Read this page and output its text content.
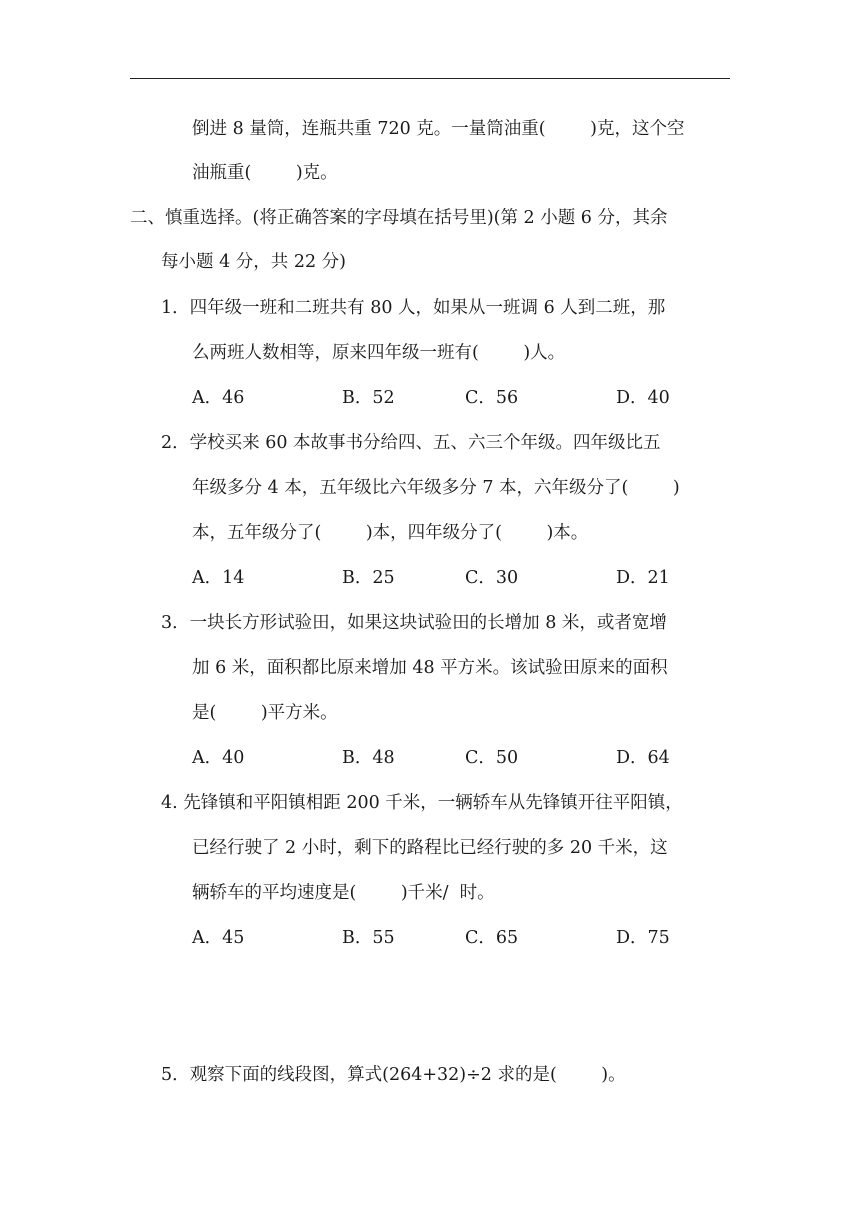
倒进 8 量筒，连瓶共重 720 克。一量筒油重(        )克，这个空
油瓶重(        )克。
二、慎重选择。(将正确答案的字母填在括号里)(第 2 小题 6 分，其余
每小题 4 分，共 22 分)
1．四年级一班和二班共有 80 人，如果从一班调 6 人到二班，那
么两班人数相等，原来四年级一班有(        )人。
A．46	B．52	C．56	D．40
2．学校买来 60 本故事书分给四、五、六三个年级。四年级比五
年级多分 4 本，五年级比六年级多分 7 本，六年级分了(        )
本，五年级分了(        )本，四年级分了(        )本。
A．14	B．25	C．30	D．21
3．一块长方形试验田，如果这块试验田的长增加 8 米，或者宽增
加 6 米，面积都比原来增加 48 平方米。该试验田原来的面积
是(        )平方米。
A．40	B．48	C．50	D．64
4. 先锋镇和平阳镇相距 200 千米，一辆轿车从先锋镇开往平阳镇，
已经行驶了 2 小时，剩下的路程比已经行驶的多 20 千米，这
辆轿车的平均速度是(        )千米/  时。
A．45	B．55	C．65	D．75
5．观察下面的线段图，算式(264+32)÷2 求的是(        )。
